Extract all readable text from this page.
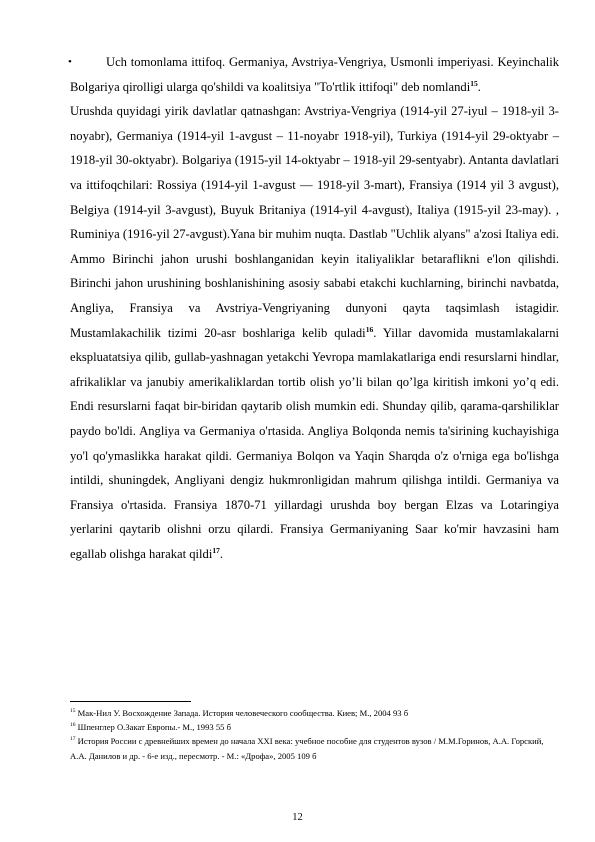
•	Uch tomonlama ittifoq. Germaniya, Avstriya-Vengriya, Usmonli imperiyasi. Keyinchalik Bolgariya qirolligi ularga qo'shildi va koalitsiya "To'rtlik ittifoqi" deb nomlandi$^{15}$.

Urushda quyidagi yirik davlatlar qatnashgan: Avstriya-Vengriya (1914-yil 27-iyul – 1918-yil 3-noyabr), Germaniya (1914-yil 1-avgust – 11-noyabr 1918-yil), Turkiya (1914-yil 29-oktyabr – 1918-yil 30-oktyabr). Bolgariya (1915-yil 14-oktyabr – 1918-yil 29-sentyabr). Antanta davlatlari va ittifoqchilari: Rossiya (1914-yil 1-avgust — 1918-yil 3-mart), Fransiya (1914 yil 3 avgust), Belgiya (1914-yil 3-avgust), Buyuk Britaniya (1914-yil 4-avgust), Italiya (1915-yil 23-may). , Ruminiya (1916-yil 27-avgust).Yana bir muhim nuqta. Dastlab "Uchlik alyans" a'zosi Italiya edi. Ammo Birinchi jahon urushi boshlanganidan keyin italiyaliklar betaraflikni e'lon qilishdi. Birinchi jahon urushining boshlanishining asosiy sababi etakchi kuchlarning, birinchi navbatda, Angliya, Fransiya va Avstriya-Vengriyaning dunyoni qayta taqsimlash istagidir. Mustamlakachilik tizimi 20-asr boshlariga kelib quladi$^{16}$. Yillar davomida mustamlakalarni ekspluatatsiya qilib, gullab-yashnagan yetakchi Yevropa mamlakatlariga endi resurslarni hindlar, afrikaliklar va janubiy amerikaliklardan tortib olish yo’li bilan qo’lga kiritish imkoni yo’q edi. Endi resurslarni faqat bir-biridan qaytarib olish mumkin edi. Shunday qilib, qarama-qarshiliklar paydo bo'ldi. Angliya va Germaniya o'rtasida. Angliya Bolqonda nemis ta'sirining kuchayishiga yo'l qo'ymaslikka harakat qildi. Germaniya Bolqon va Yaqin Sharqda o'z o'rniga ega bo'lishga intildi, shuningdek, Angliyani dengiz hukmronligidan mahrum qilishga intildi. Germaniya va Fransiya o'rtasida. Fransiya 1870-71 yillardagi urushda boy bergan Elzas va Lotaringiya yerlarini qaytarib olishni orzu qilardi. Fransiya Germaniyaning Saar ko'mir havzasini ham egallab olishga harakat qildi$^{17}$.

$^{15}$ Мак-Нил У. Восхождение Запада. История человеческого сообщества. Киев; М., 2004 93 б

$^{16}$ Шпенглер О.Закат Европы.- М., 1993 55 б

$^{17}$ История России с древнейших времен до начала XXI века: учебное пособие для студентов вузов / М.М.Горинов, А.А. Горский, А.А. Данилов и др. - 6-е изд., пересмотр. - М.: «Дрофа», 2005 109 б

12
